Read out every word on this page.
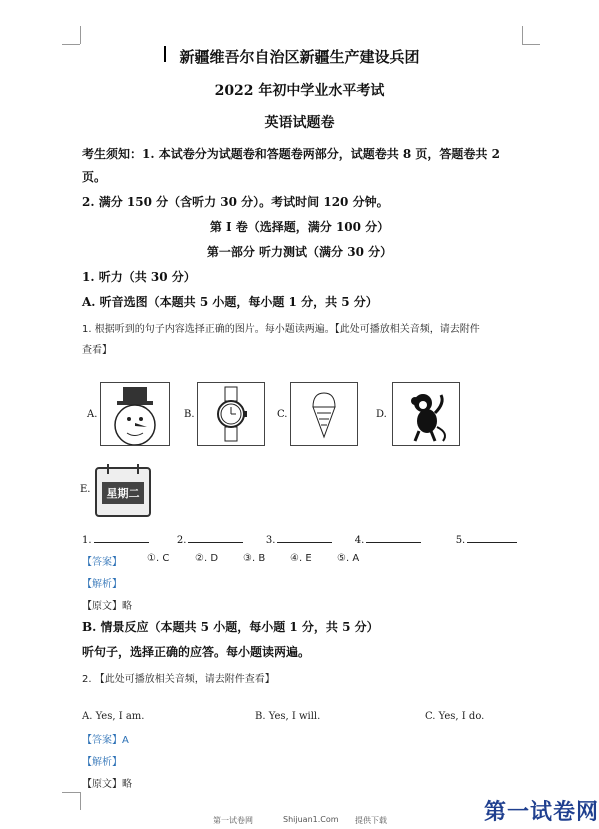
新疆维吾尔自治区新疆生产建设兵团
2022 年初中学业水平考试
英语试题卷
考生须知：1. 本试卷分为试题卷和答题卷两部分，试题卷共 8 页，答题卷共 2
页。
2. 满分 150 分（含听力 30 分）。考试时间 120 分钟。
第 I 卷（选择题，满分 100 分）
第一部分 听力测试（满分 30 分）
1. 听力（共 30 分）
A. 听音选图（本题共 5 小题，每小题 1 分，共 5 分）
1. 根据听到的句子内容选择正确的图片。每小题读两遍。【此处可播放相关音频，请去附件
查看】
A.	B.	C.	D.
E.	星期二
1.	2.	3.	4.	5.
【答案】	①. C	②. D ③. B ④. E	⑤. A
【解析】
【原文】略
B. 情景反应（本题共 5 小题，每小题 1 分，共 5 分）
听句子，选择正确的应答。每小题读两遍。
2. 【此处可播放相关音频，请去附件查看】
A. Yes, I am.	B. Yes, I will.	C. Yes, I do.
【答案】A
【解析】
【原文】略
第一试卷网	Shijuan1.Com 提供下载	第一试卷网
